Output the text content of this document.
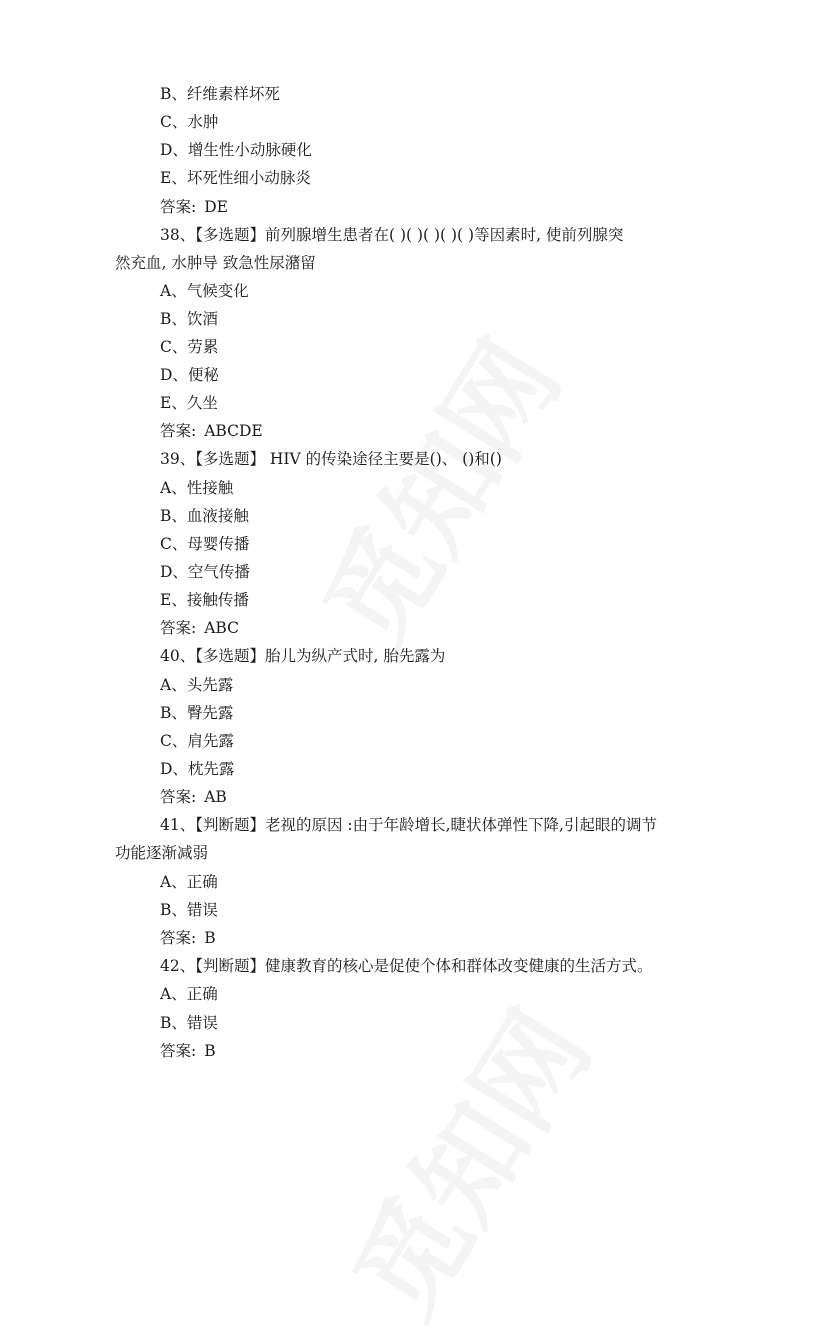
B、纤维素样坏死
C、水肿
D、增生性小动脉硬化
E、坏死性细小动脉炎
答案: DE
38、【多选题】前列腺增生患者在( )( )( )( )( )等因素时, 使前列腺突
然充血, 水肿导 致急性尿潴留
A、气候变化
B、饮酒
C、劳累
D、便秘
E、久坐
答案: ABCDE
39、【多选题】 HIV 的传染途径主要是()、 ()和()
A、性接触
B、血液接触
C、母婴传播
D、空气传播
E、接触传播
答案: ABC
40、【多选题】胎儿为纵产式时, 胎先露为
A、头先露
B、臀先露
C、肩先露
D、枕先露
答案: AB
41、【判断题】老视的原因 :由于年龄增长,睫状体弹性下降,引起眼的调节
功能逐渐减弱
A、正确
B、错误
答案: B
42、【判断题】健康教育的核心是促使个体和群体改变健康的生活方式。
A、正确
B、错误
答案: B
